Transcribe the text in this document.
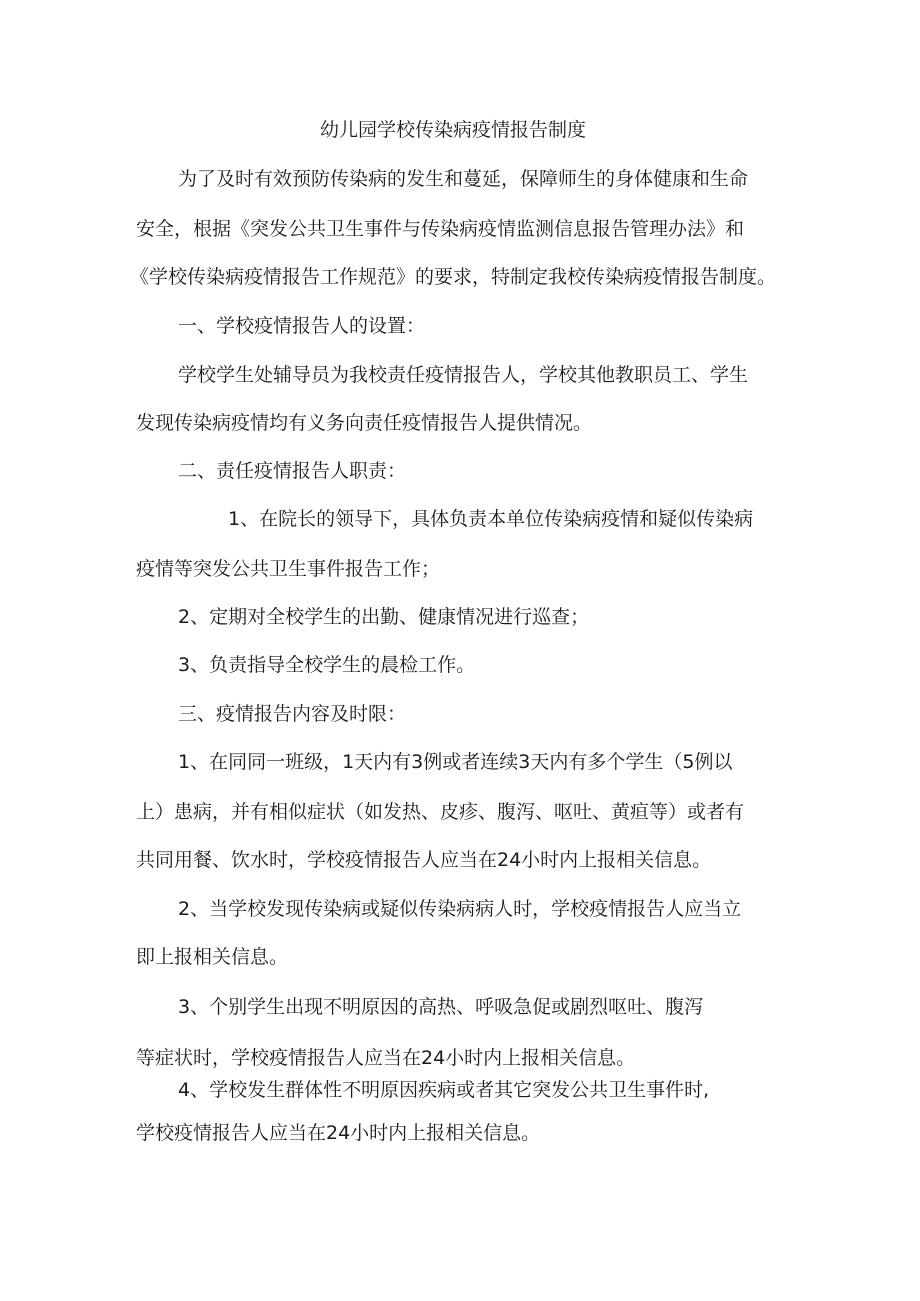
幼儿园学校传染病疫情报告制度
为了及时有效预防传染病的发生和蔓延，保障师生的身体健康和生命
安全，根据《突发公共卫生事件与传染病疫情监测信息报告管理办法》和
《学校传染病疫情报告工作规范》的要求，特制定我校传染病疫情报告制度。
一、学校疫情报告人的设置：
学校学生处辅导员为我校责任疫情报告人，学校其他教职员工、学生
发现传染病疫情均有义务向责任疫情报告人提供情况。
二、责任疫情报告人职责：
1、在院长的领导下，具体负责本单位传染病疫情和疑似传染病
疫情等突发公共卫生事件报告工作；
2、定期对全校学生的出勤、健康情况进行巡查；
3、负责指导全校学生的晨检工作。
三、疫情报告内容及时限：
1、在同同一班级，1天内有3例或者连续3天内有多个学生（5例以
上）患病，并有相似症状（如发热、皮疹、腹泻、呕吐、黄疸等）或者有
共同用餐、饮水时，学校疫情报告人应当在24小时内上报相关信息。
2、当学校发现传染病或疑似传染病病人时，学校疫情报告人应当立
即上报相关信息。
3、个别学生出现不明原因的高热、呼吸急促或剧烈呕吐、腹泻
等症状时，学校疫情报告人应当在24小时内上报相关信息。
4、学校发生群体性不明原因疾病或者其它突发公共卫生事件时,
学校疫情报告人应当在24小时内上报相关信息。
